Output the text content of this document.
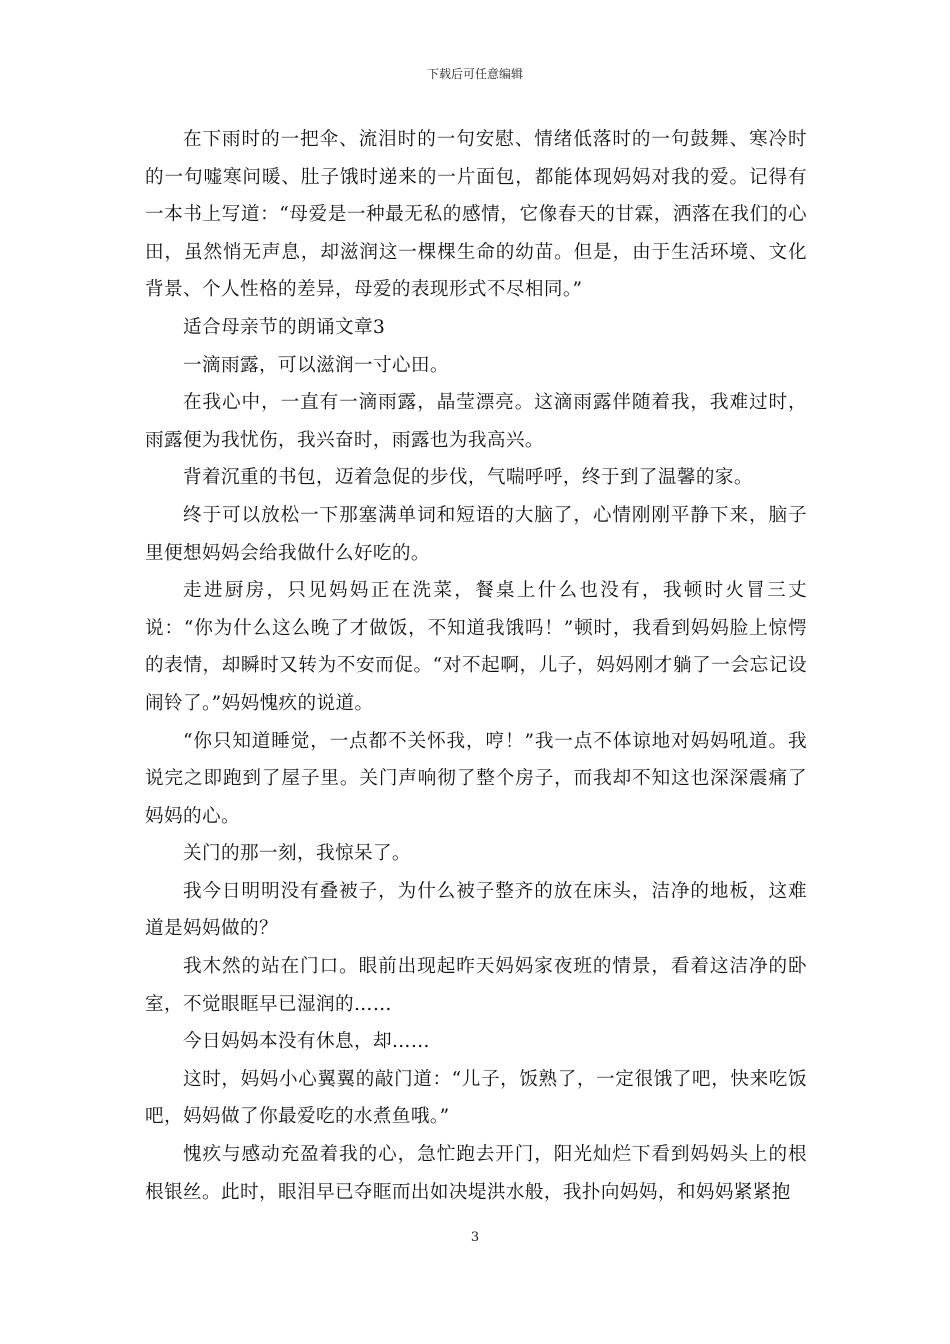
下载后可任意编辑

在下雨时的一把伞、流泪时的一句安慰、情绪低落时的一句鼓舞、寒冷时的一句嘘寒问暖、肚子饿时递来的一片面包，都能体现妈妈对我的爱。记得有一本书上写道：“母爱是一种最无私的感情，它像春天的甘霖，洒落在我们的心田，虽然悄无声息，却滋润这一棵棵生命的幼苗。但是，由于生活环境、文化背景、个人性格的差异，母爱的表现形式不尽相同。”

适合母亲节的朗诵文章3

一滴雨露，可以滋润一寸心田。

在我心中，一直有一滴雨露，晶莹漂亮。这滴雨露伴随着我，我难过时，雨露便为我忧伤，我兴奋时，雨露也为我高兴。

背着沉重的书包，迈着急促的步伐，气喘呼呼，终于到了温馨的家。

终于可以放松一下那塞满单词和短语的大脑了，心情刚刚平静下来，脑子里便想妈妈会给我做什么好吃的。

走进厨房，只见妈妈正在洗菜，餐桌上什么也没有，我顿时火冒三丈说：“你为什么这么晚了才做饭，不知道我饿吗！”顿时，我看到妈妈脸上惊愕的表情，却瞬时又转为不安而促。“对不起啊，儿子，妈妈刚才躺了一会忘记设闹铃了。”妈妈愧疚的说道。

“你只知道睡觉，一点都不关怀我，哼！”我一点不体谅地对妈妈吼道。我说完之即跑到了屋子里。关门声响彻了整个房子，而我却不知这也深深震痛了妈妈的心。

关门的那一刻，我惊呆了。

我今日明明没有叠被子，为什么被子整齐的放在床头，洁净的地板，这难道是妈妈做的？

我木然的站在门口。眼前出现起昨天妈妈家夜班的情景，看着这洁净的卧室，不觉眼眶早已湿润的……

今日妈妈本没有休息，却……

这时，妈妈小心翼翼的敲门道：“儿子，饭熟了，一定很饿了吧，快来吃饭吧，妈妈做了你最爱吃的水煮鱼哦。”

愧疚与感动充盈着我的心，急忙跑去开门，阳光灿烂下看到妈妈头上的根根银丝。此时，眼泪早已夺眶而出如决堤洪水般，我扑向妈妈，和妈妈紧紧抱

3
